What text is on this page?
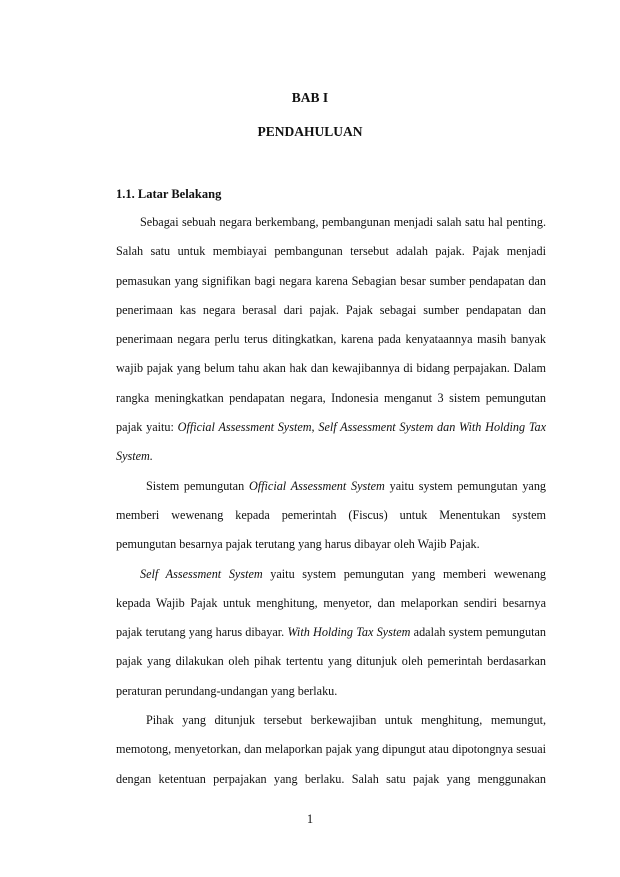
BAB I
PENDAHULUAN
1.1. Latar Belakang

Sebagai sebuah negara berkembang, pembangunan menjadi salah satu hal penting. Salah satu untuk membiayai pembangunan tersebut adalah pajak. Pajak menjadi pemasukan yang signifikan bagi negara karena Sebagian besar sumber pendapatan dan penerimaan kas negara berasal dari pajak. Pajak sebagai sumber pendapatan dan penerimaan negara perlu terus ditingkatkan, karena pada kenyataannya masih banyak wajib pajak yang belum tahu akan hak dan kewajibannya di bidang perpajakan. Dalam rangka meningkatkan pendapatan negara, Indonesia menganut 3 sistem pemungutan pajak yaitu: Official Assessment System, Self Assessment System dan With Holding Tax System.

Sistem pemungutan Official Assessment System yaitu system pemungutan yang memberi wewenang kepada pemerintah (Fiscus) untuk Menentukan system pemungutan besarnya pajak terutang yang harus dibayar oleh Wajib Pajak.

Self Assessment System yaitu system pemungutan yang memberi wewenang kepada Wajib Pajak untuk menghitung, menyetor, dan melaporkan sendiri besarnya pajak terutang yang harus dibayar. With Holding Tax System adalah system pemungutan pajak yang dilakukan oleh pihak tertentu yang ditunjuk oleh pemerintah berdasarkan peraturan perundang-undangan yang berlaku.

Pihak yang ditunjuk tersebut berkewajiban untuk menghitung, memungut, memotong, menyetorkan, dan melaporkan pajak yang dipungut atau dipotongnya sesuai dengan ketentuan perpajakan yang berlaku. Salah satu pajak yang menggunakan

1
